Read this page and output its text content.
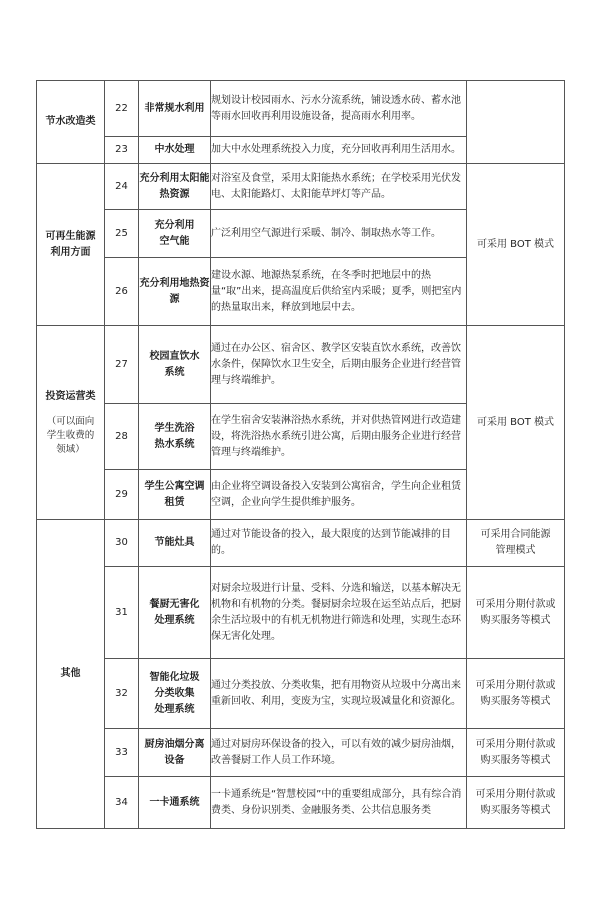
节水改造类	22	非常规水利用	规划设计校园雨水、污水分流系统，铺设透水砖、蓄水池等雨水回收再利用设施设备，提高雨水利用率。	
	23	中水处理	加大中水处理系统投入力度，充分回收再利用生活用水。	
可再生能源
利用方面	24	充分利用太阳能热资源	对浴室及食堂，采用太阳能热水系统；在学校采用光伏发电、太阳能路灯、太阳能草坪灯等产品。	可采用 BOT 模式
	25	充分利用
空气能	广泛利用空气源进行采暖、制冷、制取热水等工作。	
	26	充分利用地热资源	建设水源、地源热泵系统，在冬季时把地层中的热量“取”出来，提高温度后供给室内采暖；夏季，则把室内的热量取出来，释放到地层中去。	
投资运营类
（可以面向
学生收费的
领域）	27	校园直饮水
系统	通过在办公区、宿舍区、教学区安装直饮水系统，改善饮水条件，保障饮水卫生安全，后期由服务企业进行经营管理与终端维护。	可采用 BOT 模式
	28	学生洗浴
热水系统	在学生宿舍安装淋浴热水系统，并对供热管网进行改造建设，将洗浴热水系统引进公寓，后期由服务企业进行经营管理与终端维护。	
	29	学生公寓空调
租赁	由企业将空调设备投入安装到公寓宿舍，学生向企业租赁空调，企业向学生提供维护服务。	
其他	30	节能灶具	通过对节能设备的投入，最大限度的达到节能减排的目的。	可采用合同能源
管理模式
	31	餐厨无害化
处理系统	对厨余垃圾进行计量、受料、分选和输送，以基本解决无机物和有机物的分类。餐厨厨余垃圾在运至站点后，把厨余生活垃圾中的有机无机物进行筛选和处理，实现生态环保无害化处理。	可采用分期付款或
购买服务等模式
	32	智能化垃圾
分类收集
处理系统	通过分类投放、分类收集，把有用物资从垃圾中分离出来重新回收、利用，变废为宝，实现垃圾减量化和资源化。	可采用分期付款或
购买服务等模式
	33	厨房油烟分离
设备	通过对厨房环保设备的投入，可以有效的减少厨房油烟，改善餐厨工作人员工作环境。	可采用分期付款或
购买服务等模式
	34	一卡通系统	一卡通系统是“智慧校园”中的重要组成部分，具有综合消费类、身份识别类、金融服务类、公共信息服务类	可采用分期付款或
购买服务等模式
